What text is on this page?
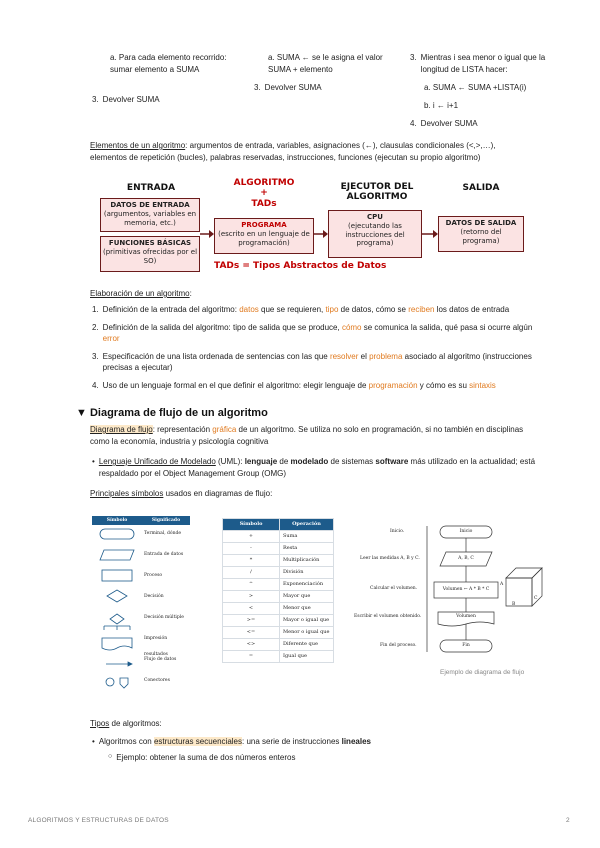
a. Para cada elemento recorrido: sumar elemento a SUMA
3. Devolver SUMA
a. SUMA ← se le asigna el valor SUMA + elemento
3. Devolver SUMA
3. Mientras i sea menor o igual que la longitud de LISTA hacer:
a. SUMA ← SUMA +LISTA(i)
b. i ← i+1
4. Devolver SUMA
Elementos de un algoritmo: argumentos de entrada, variables, asignaciones (←), clausulas condicionales (<,>,…), elementos de repetición (bucles), palabras reservadas, instrucciones, funciones (ejecutan su propio algoritmo)
ENTRADA	ALGORITMO
+
TADs
EJECUTOR DEL ALGORITMO
SALIDA
DATOS DE ENTRADA
(argumentos, variables en memoria, etc.)
FUNCIONES BÁSICAS
(primitivas ofrecidas por el SO)
PROGRAMA
(escrito en un lenguaje de programación)
CPU
(ejecutando las instrucciones del programa)
DATOS DE SALIDA
(retorno del programa)
TADs = Tipos Abstractos de Datos
Elaboración de un algoritmo:
1. Definición de la entrada del algoritmo: datos que se requieren, tipo de datos, cómo se reciben los datos de entrada
2. Definición de la salida del algoritmo: tipo de salida que se produce, cómo se comunica la salida, qué pasa si ocurre algún error
3. Especificación de una lista ordenada de sentencias con las que resolver el problema asociado al algoritmo (instrucciones precisas a ejecutar)
4. Uso de un lenguaje formal en el que definir el algoritmo: elegir lenguaje de programación y cómo es su sintaxis
▼ Diagrama de flujo de un algoritmo
Diagrama de flujo: representación gráfica de un algoritmo. Se utiliza no solo en programación, si no también en disciplinas como la economía, industria y psicología cognitiva
• Lenguaje Unificado de Modelado (UML): lenguaje de modelado de sistemas software más utilizado en la actualidad; está respaldado por el Object Management Group (OMG)
Principales símbolos usados en diagramas de flujo:
Símbolo	Significado
Terminal, dónde
Entrada de datos
Proceso
Decisión
Decisión múltiple
Impresión resultados
Flujo de datos
Conectores
Símbolo	Operación
+	Suma
-	Resta
*	Multiplicación
/	División
^	Exponenciación
>	Mayor que
<	Menor que
>=	Mayor o igual que
<=	Menor o igual que
<>	Diferente que
=	Igual que
Inicio.	Inicio
Leer las medidas A, B y C.	A, B, C
Calcular el volumen.	Volumen ← A * B * C
Escribir el volumen obtenido.	Volumen
Fin del proceso.	Fin
A
B
C
Ejemplo de diagrama de flujo
Tipos de algoritmos:
• Algoritmos con estructuras secuenciales: una serie de instrucciones lineales
○ Ejemplo: obtener la suma de dos números enteros
ALGORITMOS Y ESTRUCTURAS DE DATOS	2
